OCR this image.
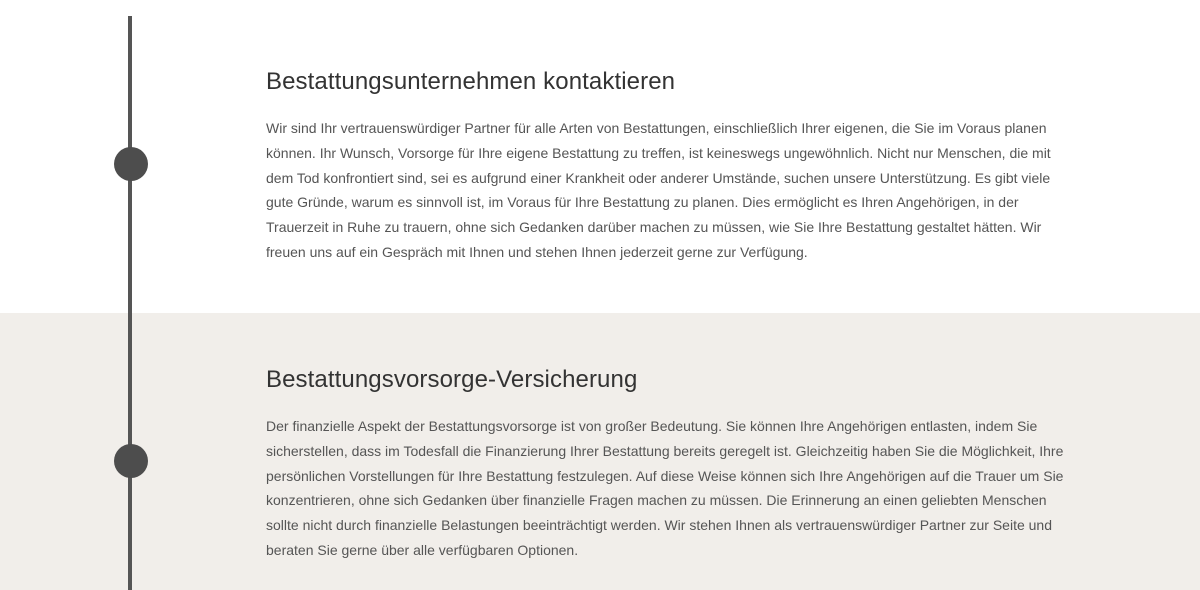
Bestattungsunternehmen kontaktieren

Wir sind Ihr vertrauenswürdiger Partner für alle Arten von Bestattungen, einschließlich Ihrer eigenen, die Sie im Voraus planen können. Ihr Wunsch, Vorsorge für Ihre eigene Bestattung zu treffen, ist keineswegs ungewöhnlich. Nicht nur Menschen, die mit dem Tod konfrontiert sind, sei es aufgrund einer Krankheit oder anderer Umstände, suchen unsere Unterstützung. Es gibt viele gute Gründe, warum es sinnvoll ist, im Voraus für Ihre Bestattung zu planen. Dies ermöglicht es Ihren Angehörigen, in der Trauerzeit in Ruhe zu trauern, ohne sich Gedanken darüber machen zu müssen, wie Sie Ihre Bestattung gestaltet hätten. Wir freuen uns auf ein Gespräch mit Ihnen und stehen Ihnen jederzeit gerne zur Verfügung.

Bestattungsvorsorge-Versicherung

Der finanzielle Aspekt der Bestattungsvorsorge ist von großer Bedeutung. Sie können Ihre Angehörigen entlasten, indem Sie sicherstellen, dass im Todesfall die Finanzierung Ihrer Bestattung bereits geregelt ist. Gleichzeitig haben Sie die Möglichkeit, Ihre persönlichen Vorstellungen für Ihre Bestattung festzulegen. Auf diese Weise können sich Ihre Angehörigen auf die Trauer um Sie konzentrieren, ohne sich Gedanken über finanzielle Fragen machen zu müssen. Die Erinnerung an einen geliebten Menschen sollte nicht durch finanzielle Belastungen beeinträchtigt werden. Wir stehen Ihnen als vertrauenswürdiger Partner zur Seite und beraten Sie gerne über alle verfügbaren Optionen.
